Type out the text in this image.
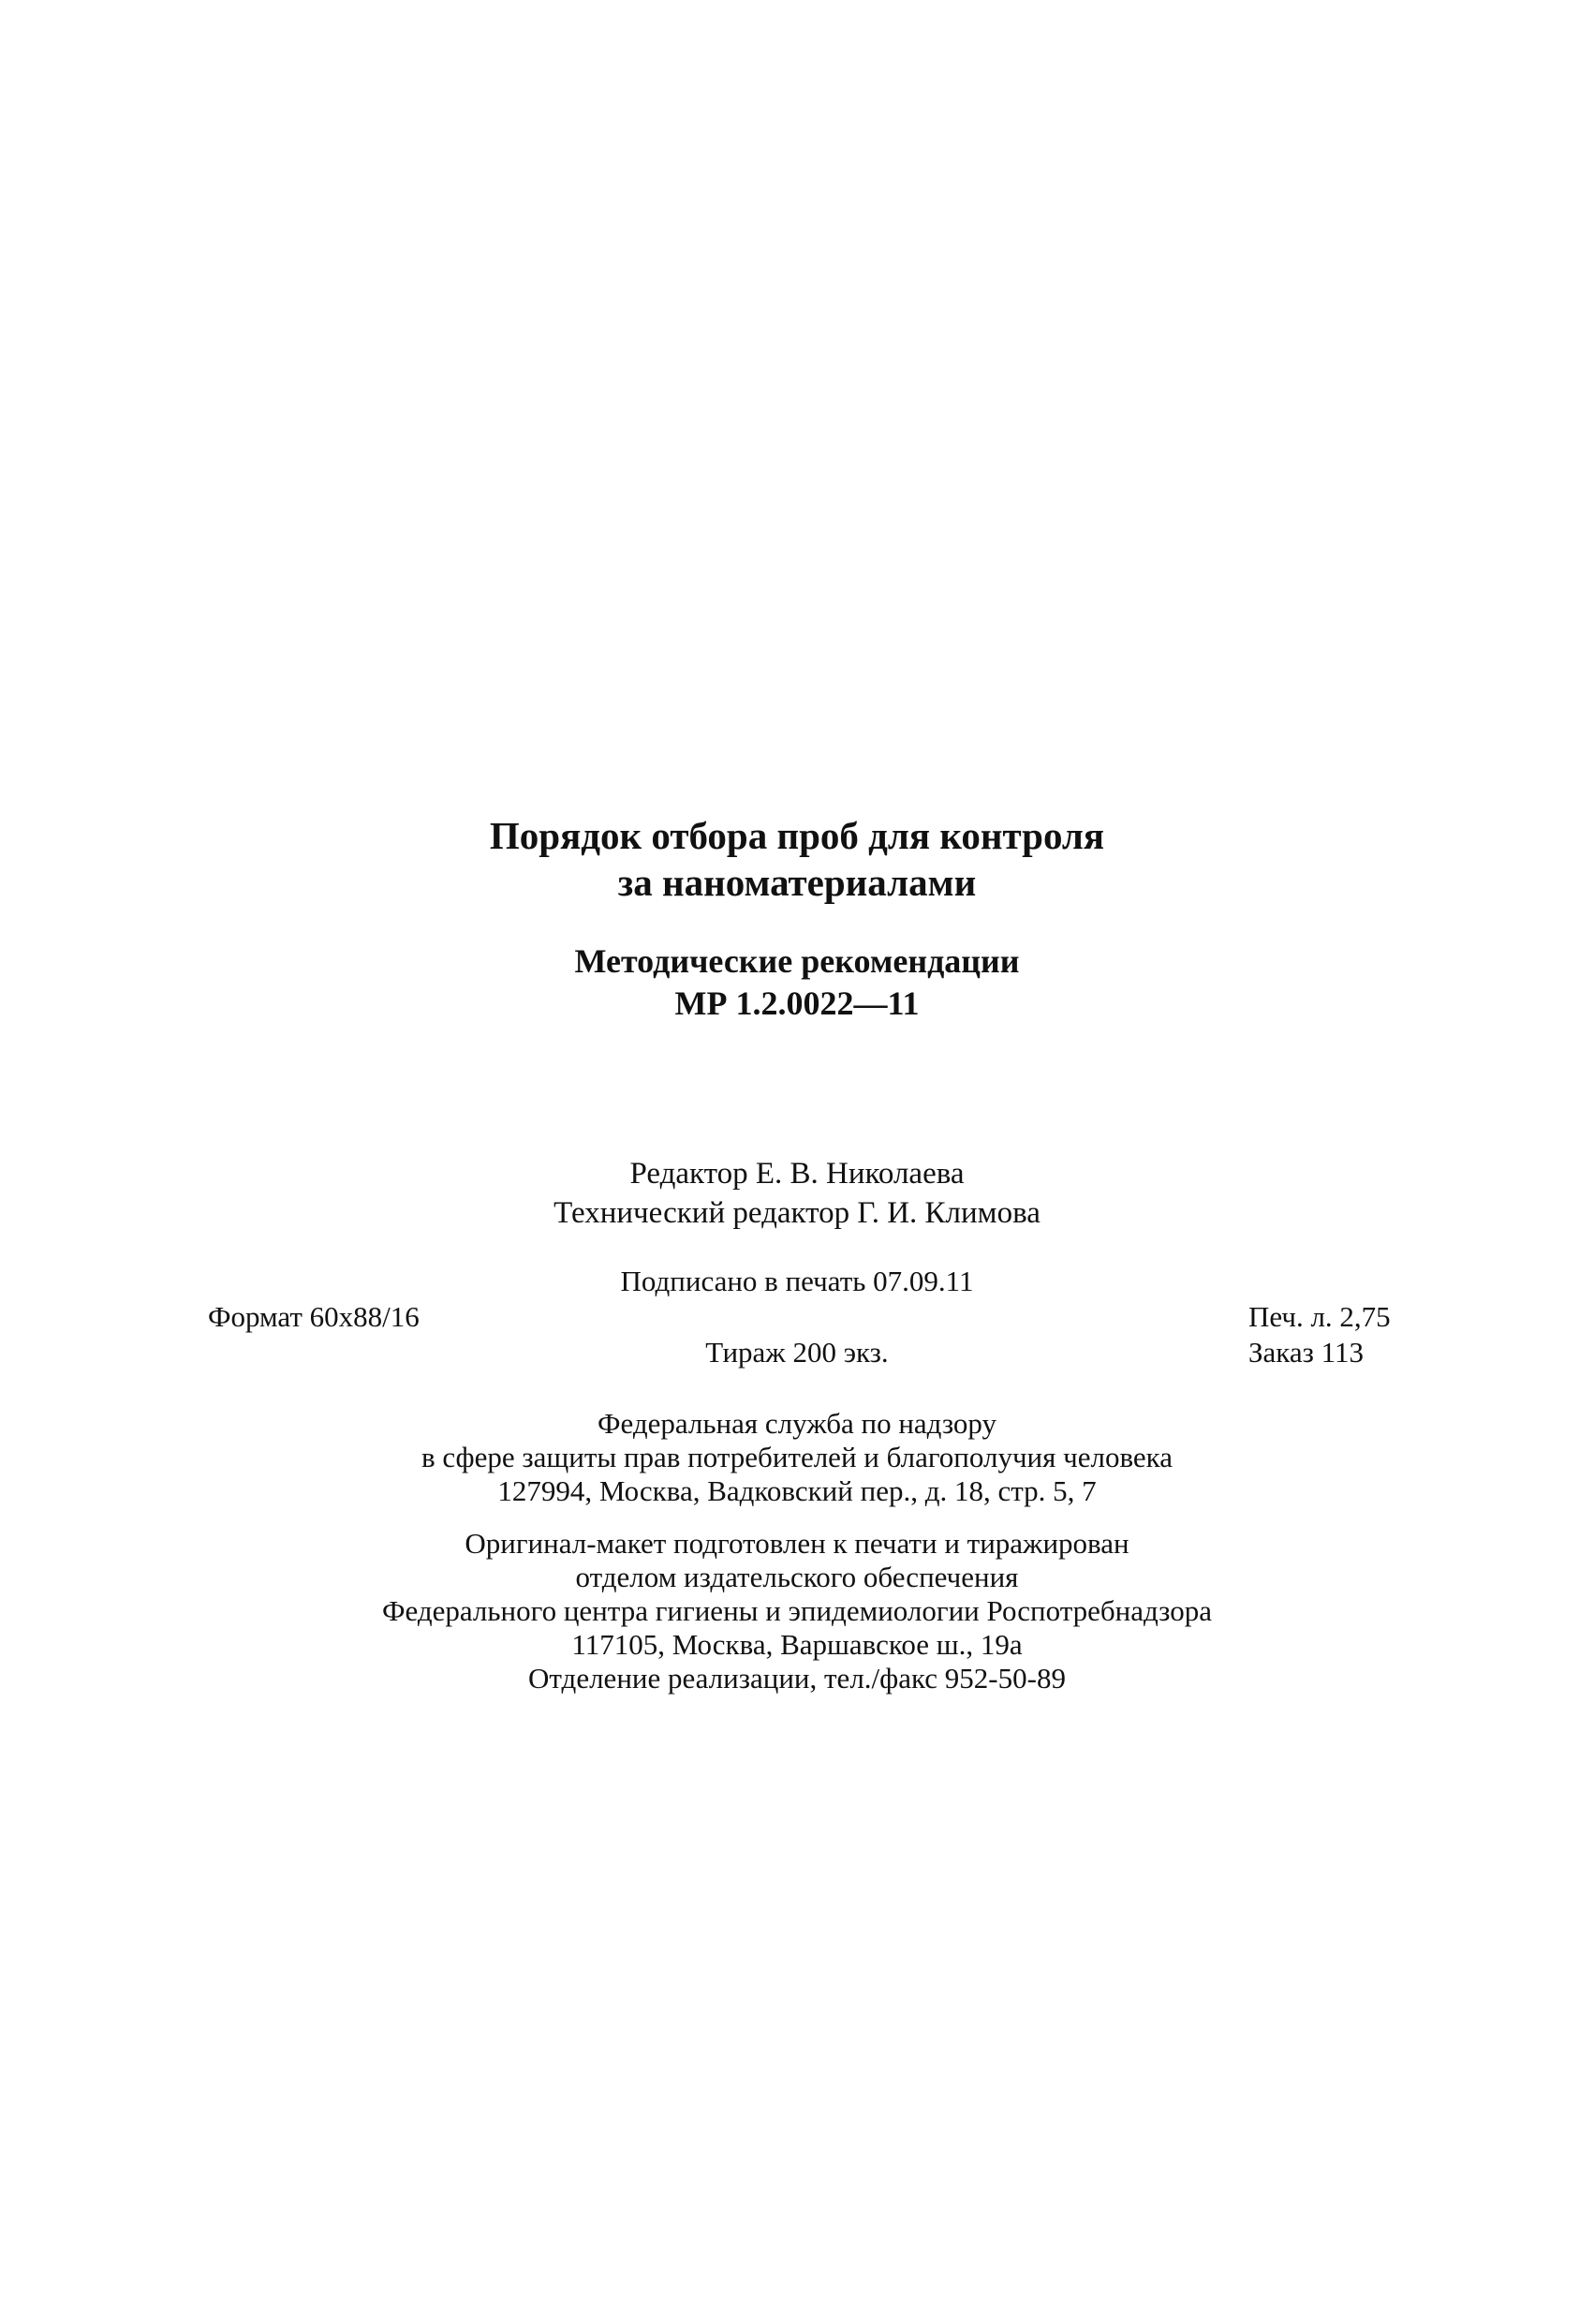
Порядок отбора проб для контроля
за наноматериалами
Методические рекомендации
МР 1.2.0022—11
Редактор Е. В. Николаева
Технический редактор Г. И. Климова
Подписано в печать 07.09.11
Формат 60х88/16	Печ. л. 2,75
Тираж 200 экз.	Заказ 113
Федеральная служба по надзору
в сфере защиты прав потребителей и благополучия человека
127994, Москва, Вадковский пер., д. 18, стр. 5, 7
Оригинал-макет подготовлен к печати и тиражирован
отделом издательского обеспечения
Федерального центра гигиены и эпидемиологии Роспотребнадзора
117105, Москва, Варшавское ш., 19а
Отделение реализации, тел./факс 952-50-89
